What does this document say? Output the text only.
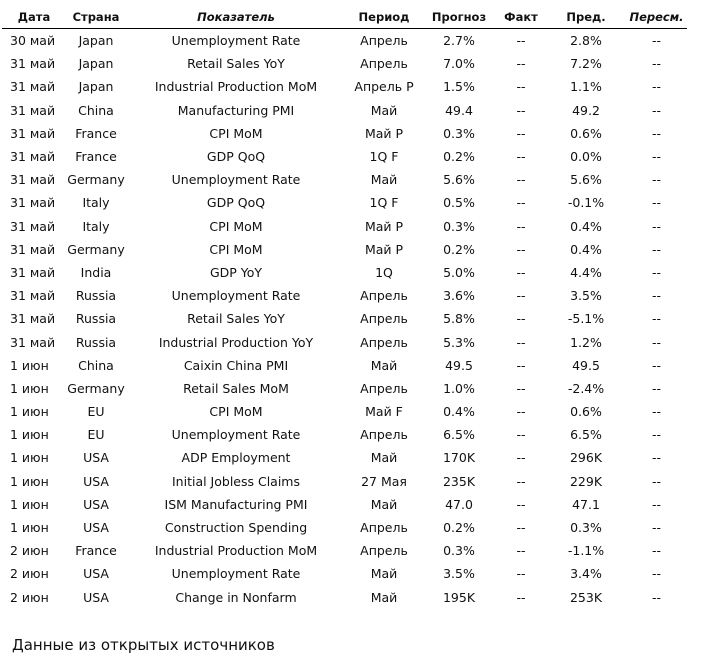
Дата	Страна	Показатель	Период	Прогноз	Факт	Пред.	Пересм.
30 май	Japan	Unemployment Rate	Апрель	2.7%	--	2.8%	--
31 май	Japan	Retail Sales YoY	Апрель	7.0%	--	7.2%	--
31 май	Japan	Industrial Production MoM	Апрель P	1.5%	--	1.1%	--
31 май	China	Manufacturing PMI	Май	49.4	--	49.2	--
31 май	France	CPI MoM	Май P	0.3%	--	0.6%	--
31 май	France	GDP QoQ	1Q F	0.2%	--	0.0%	--
31 май	Germany	Unemployment Rate	Май	5.6%	--	5.6%	--
31 май	Italy	GDP QoQ	1Q F	0.5%	--	-0.1%	--
31 май	Italy	CPI MoM	Май P	0.3%	--	0.4%	--
31 май	Germany	CPI MoM	Май P	0.2%	--	0.4%	--
31 май	India	GDP YoY	1Q	5.0%	--	4.4%	--
31 май	Russia	Unemployment Rate	Апрель	3.6%	--	3.5%	--
31 май	Russia	Retail Sales YoY	Апрель	5.8%	--	-5.1%	--
31 май	Russia	Industrial Production YoY	Апрель	5.3%	--	1.2%	--
1 июн	China	Caixin China PMI	Май	49.5	--	49.5	--
1 июн	Germany	Retail Sales MoM	Апрель	1.0%	--	-2.4%	--
1 июн	EU	CPI MoM	Май F	0.4%	--	0.6%	--
1 июн	EU	Unemployment Rate	Апрель	6.5%	--	6.5%	--
1 июн	USA	ADP Employment	Май	170K	--	296K	--
1 июн	USA	Initial Jobless Claims	27 Мая	235K	--	229K	--
1 июн	USA	ISM Manufacturing PMI	Май	47.0	--	47.1	--
1 июн	USA	Construction Spending	Апрель	0.2%	--	0.3%	--
2 июн	France	Industrial Production MoM	Апрель	0.3%	--	-1.1%	--
2 июн	USA	Unemployment Rate	Май	3.5%	--	3.4%	--
2 июн	USA	Change in Nonfarm	Май	195K	--	253K	--
Данные из открытых источников
